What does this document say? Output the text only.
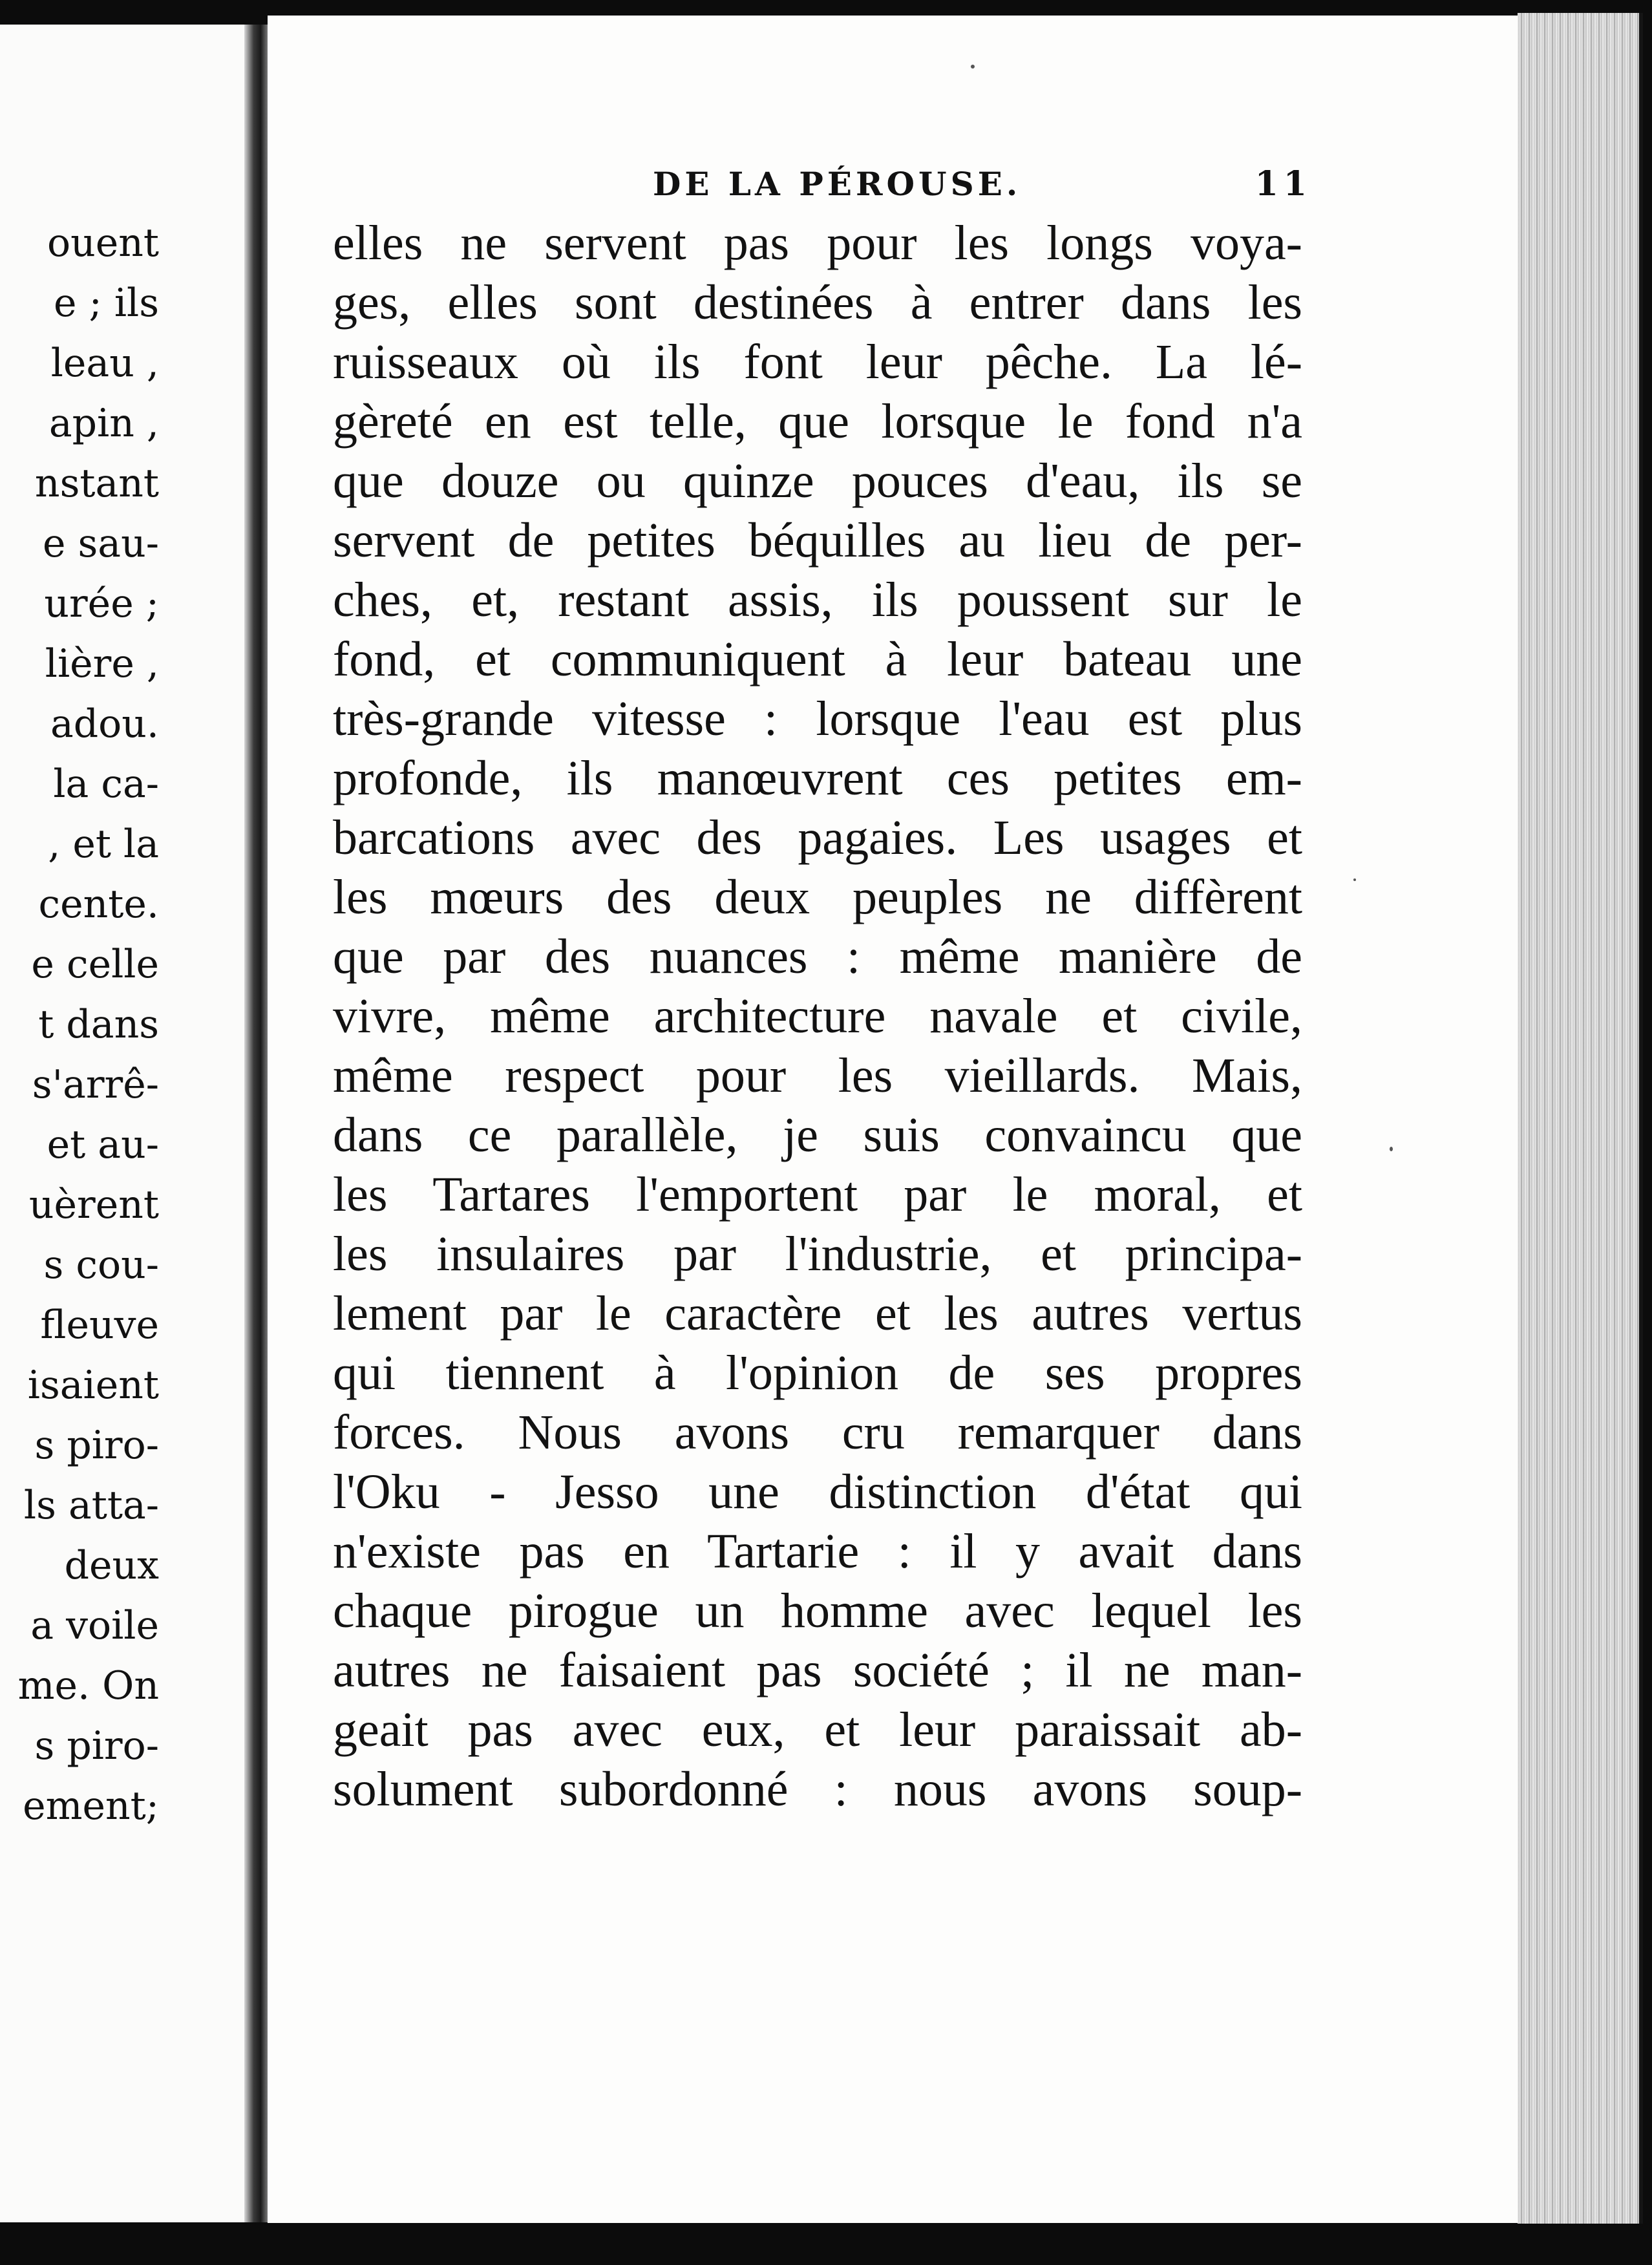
ouent
e ; ils
leau ,
apin ,
nstant
e sau-
urée ;
lière ,
adou.
la ca-
, et la
cente.
e celle
t dans
s'arrê-
et au-
uèrent
s cou-
fleuve
isaient
s piro-
ls atta-
deux
a voile
me. On
s piro-
ement;
DE LA PÉROUSE.	11
elles ne servent pas pour les longs voya-
ges, elles sont destinées à entrer dans les
ruisseaux où ils font leur pêche. La lé-
gèreté en est telle, que lorsque le fond n'a
que douze ou quinze pouces d'eau, ils se
servent de petites béquilles au lieu de per-
ches, et, restant assis, ils poussent sur le
fond, et communiquent à leur bateau une
très-grande vitesse : lorsque l'eau est plus
profonde, ils manœuvrent ces petites em-
barcations avec des pagaies. Les usages et
les mœurs des deux peuples ne diffèrent
que par des nuances : même manière de
vivre, même architecture navale et civile,
même respect pour les vieillards. Mais,
dans ce parallèle, je suis convaincu que
les Tartares l'emportent par le moral, et
les insulaires par l'industrie, et principa-
lement par le caractère et les autres vertus
qui tiennent à l'opinion de ses propres
forces. Nous avons cru remarquer dans
l'Oku - Jesso une distinction d'état qui
n'existe pas en Tartarie : il y avait dans
chaque pirogue un homme avec lequel les
autres ne faisaient pas société ; il ne man-
geait pas avec eux, et leur paraissait ab-
solument subordonné : nous avons soup-
